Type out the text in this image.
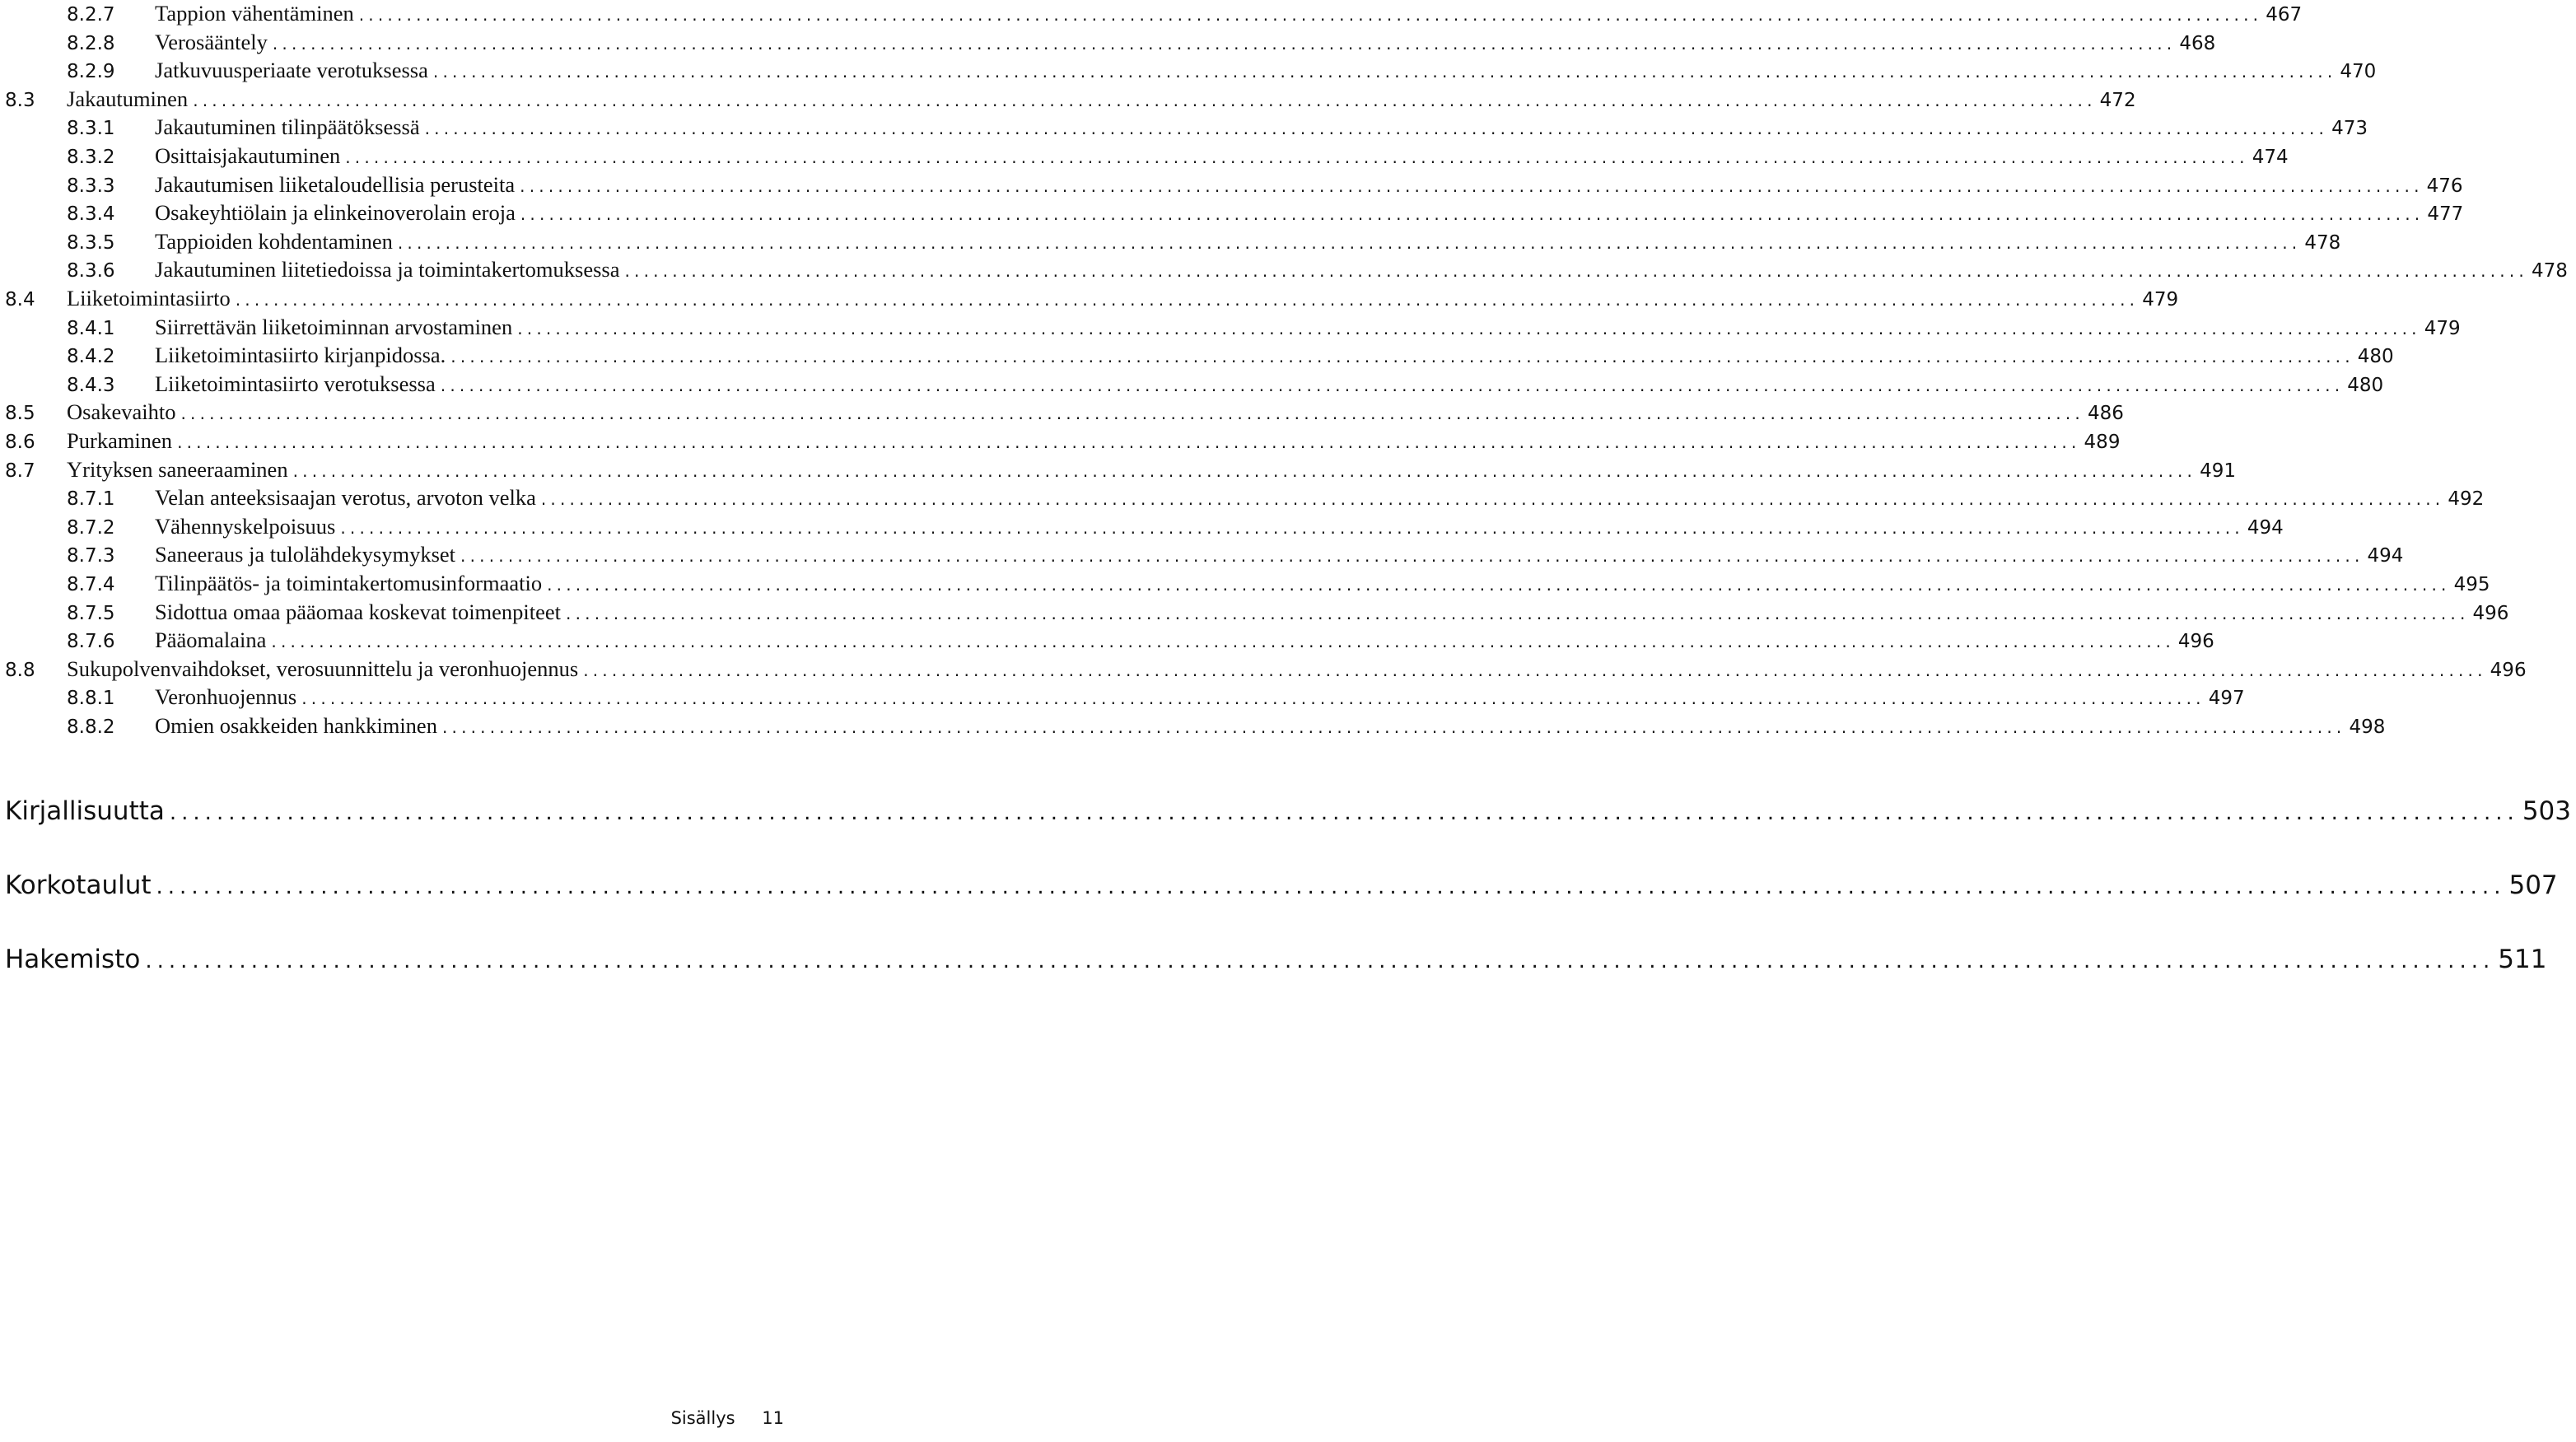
8.2.7	Tappion vähentäminen ........................................................................................................................................................................................................ 467
8.2.8	Verosääntely ........................................................................................................................................................................................................ 468
8.2.9	Jatkuvuusperiaate verotuksessa ........................................................................................................................................................................................................ 470
8.3	Jakautuminen ........................................................................................................................................................................................................ 472
8.3.1	Jakautuminen tilinpäätöksessä ........................................................................................................................................................................................................ 473
8.3.2	Osittaisjakautuminen ........................................................................................................................................................................................................ 474
8.3.3	Jakautumisen liiketaloudellisia perusteita ........................................................................................................................................................................................................ 476
8.3.4	Osakeyhtiölain ja elinkeinoverolain eroja ........................................................................................................................................................................................................ 477
8.3.5	Tappioiden kohdentaminen ........................................................................................................................................................................................................ 478
8.3.6	Jakautuminen liitetiedoissa ja toimintakertomuksessa ........................................................................................................................................................................................................ 478
8.4	Liiketoimintasiirto ........................................................................................................................................................................................................ 479
8.4.1	Siirrettävän liiketoiminnan arvostaminen ........................................................................................................................................................................................................ 479
8.4.2	Liiketoimintasiirto kirjanpidossa. ........................................................................................................................................................................................................ 480
8.4.3	Liiketoimintasiirto verotuksessa ........................................................................................................................................................................................................ 480
8.5	Osakevaihto ........................................................................................................................................................................................................ 486
8.6	Purkaminen ........................................................................................................................................................................................................ 489
8.7	Yrityksen saneeraaminen ........................................................................................................................................................................................................ 491
8.7.1	Velan anteeksisaajan verotus, arvoton velka ........................................................................................................................................................................................................ 492
8.7.2	Vähennyskelpoisuus ........................................................................................................................................................................................................ 494
8.7.3	Saneeraus ja tulolähdekysymykset ........................................................................................................................................................................................................ 494
8.7.4	Tilinpäätös- ja toimintakertomusinformaatio ........................................................................................................................................................................................................ 495
8.7.5	Sidottua omaa pääomaa koskevat toimenpiteet ........................................................................................................................................................................................................ 496
8.7.6	Pääomalaina ........................................................................................................................................................................................................ 496
8.8	Sukupolvenvaihdokset, verosuunnittelu ja veronhuojennus ........................................................................................................................................................................................................ 496
8.8.1	Veronhuojennus ........................................................................................................................................................................................................ 497
8.8.2	Omien osakkeiden hankkiminen ........................................................................................................................................................................................................ 498
Kirjallisuutta ........................................................................................................................................................................................................ 503
Korkotaulut ........................................................................................................................................................................................................ 507
Hakemisto ........................................................................................................................................................................................................ 511
Sisällys 11
